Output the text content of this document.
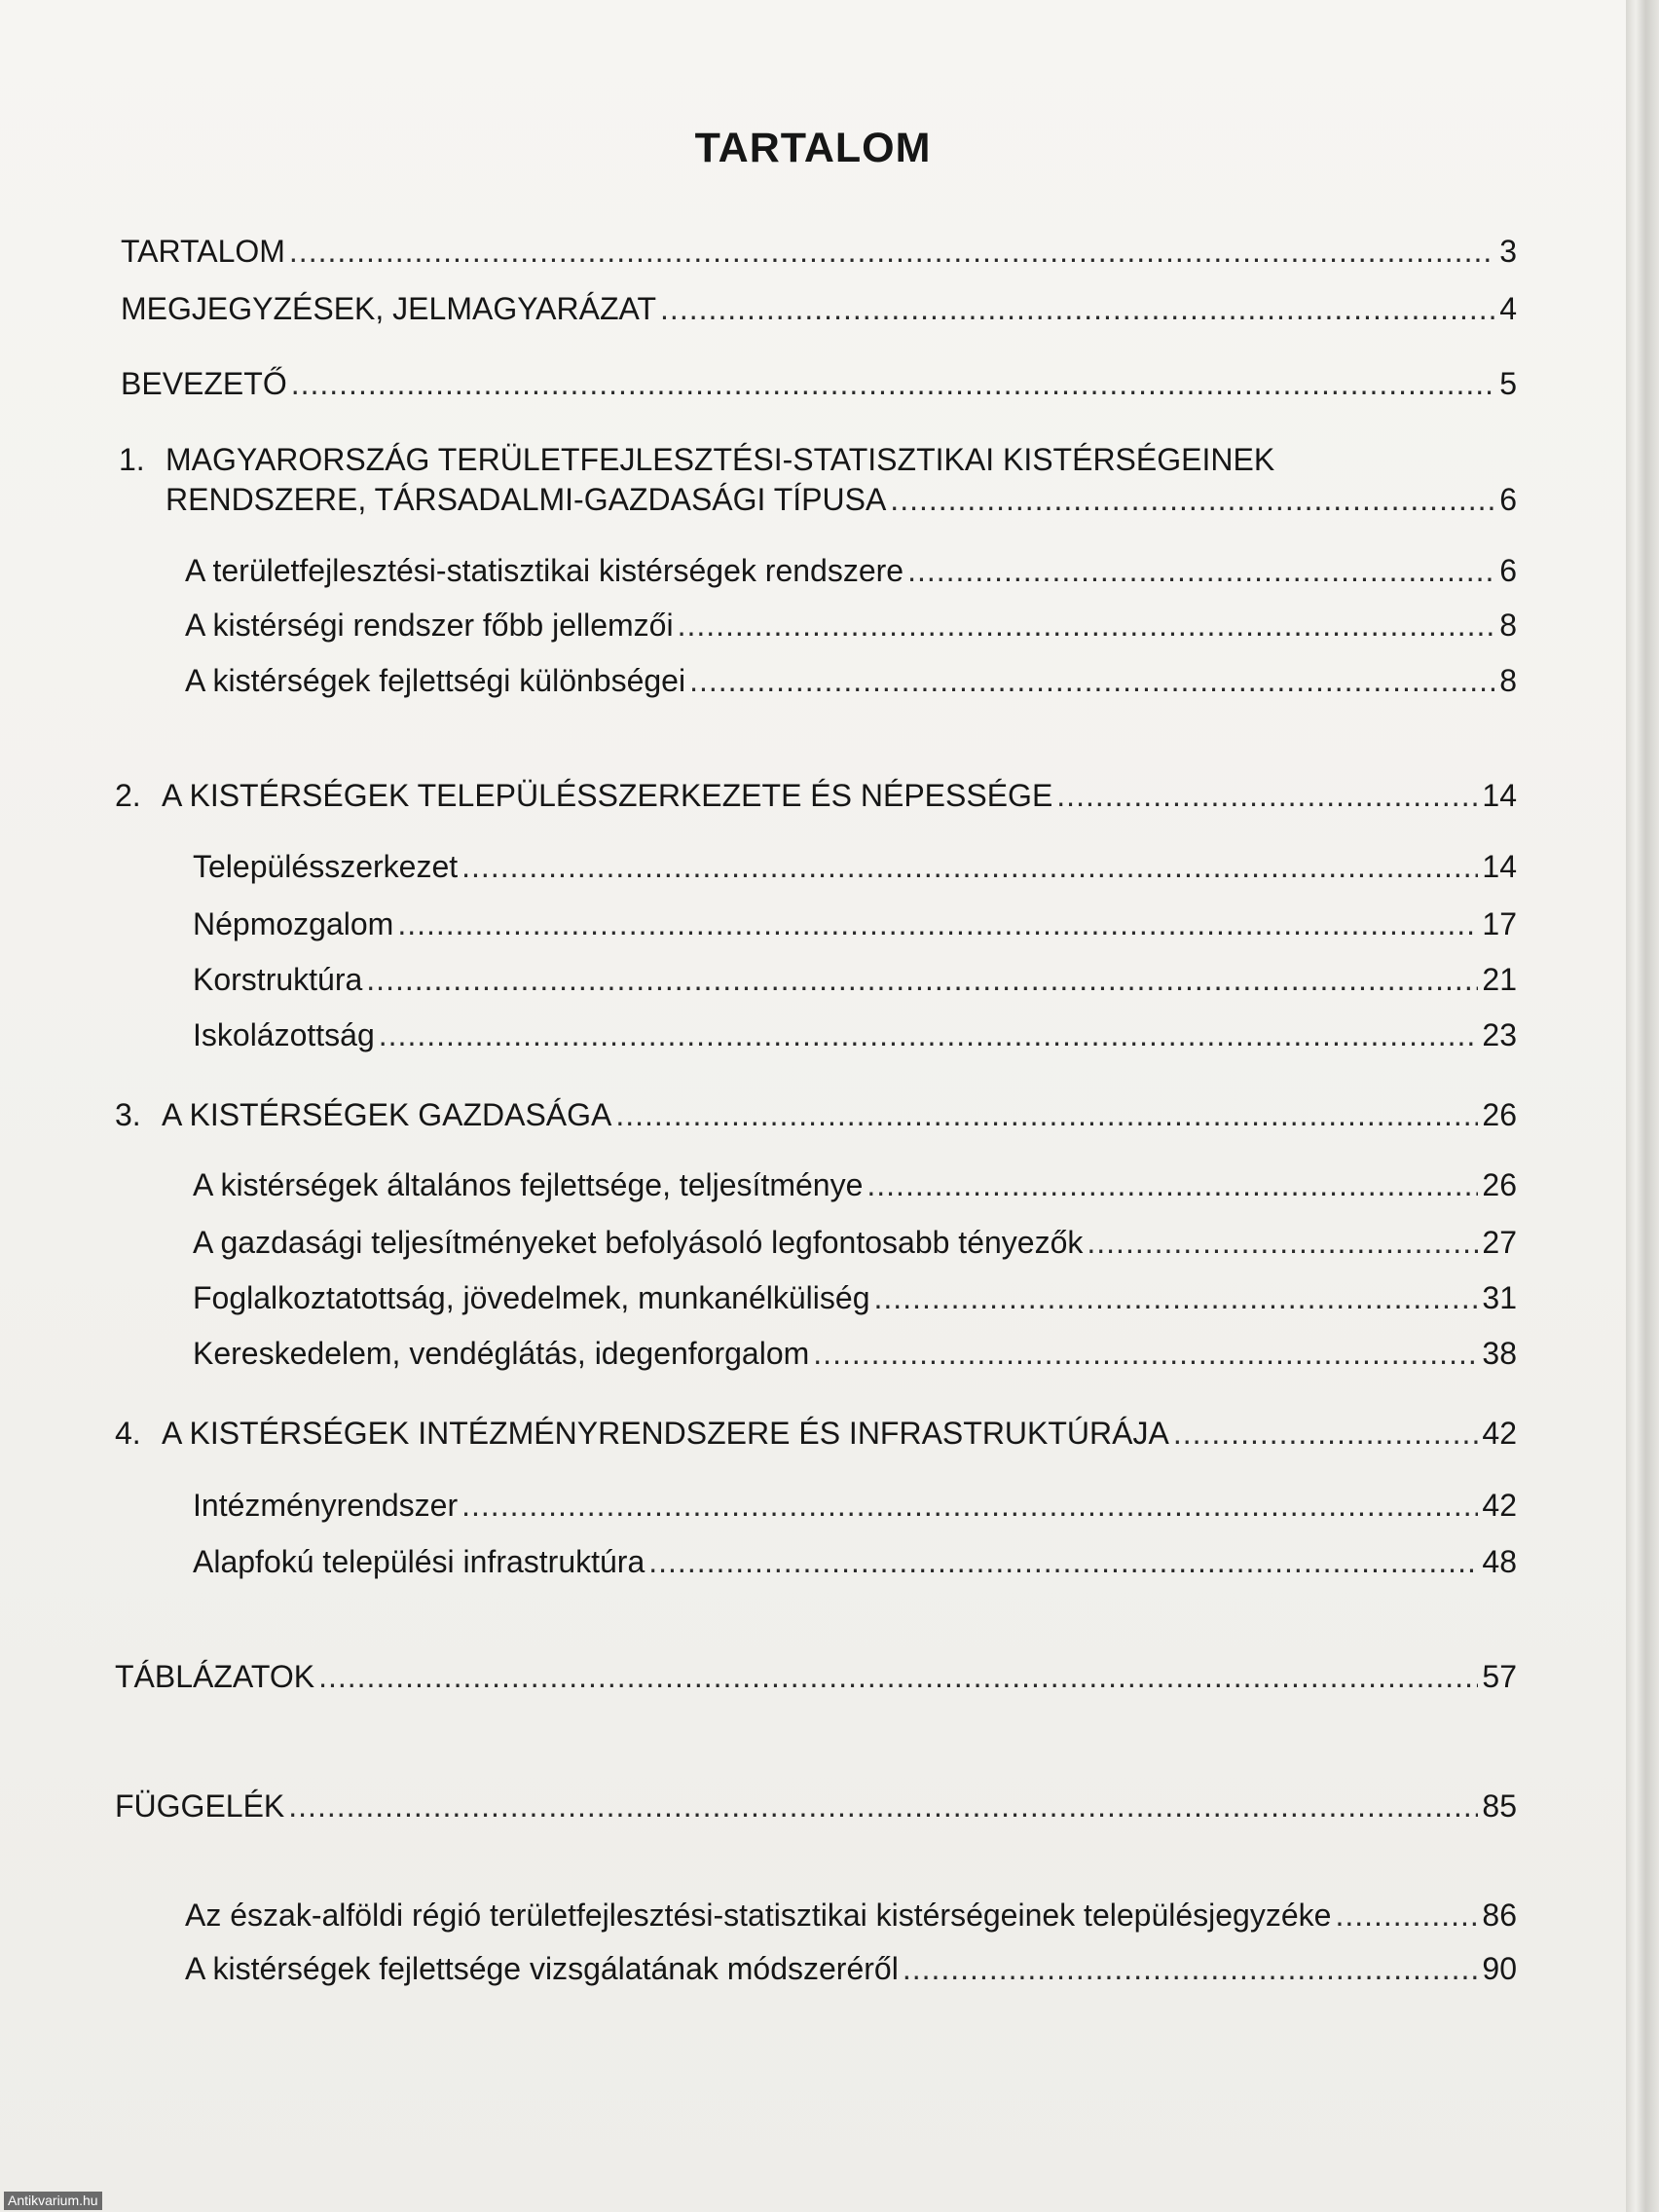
TARTALOM
TARTALOM .....	3
MEGJEGYZÉSEK, JELMAGYARÁZAT .....	4
BEVEZETŐ .....	5
1. MAGYARORSZÁG TERÜLETFEJLESZTÉSI-STATISZTIKAI KISTÉRSÉGEINEK
RENDSZERE, TÁRSADALMI-GAZDASÁGI TÍPUSA .....	6
A területfejlesztési-statisztikai kistérségek rendszere .....	6
A kistérségi rendszer főbb jellemzői .....	8
A kistérségek fejlettségi különbségei .....	8
2. A KISTÉRSÉGEK TELEPÜLÉSSZERKEZETE ÉS NÉPESSÉGE .....	14
Településszerkezet .....	14
Népmozgalom .....	17
Korstruktúra .....	21
Iskolázottság .....	23
3. A KISTÉRSÉGEK GAZDASÁGA .....	26
A kistérségek általános fejlettsége, teljesítménye .....	26
A gazdasági teljesítményeket befolyásoló legfontosabb tényezők .....	27
Foglalkoztatottság, jövedelmek, munkanélküliség .....	31
Kereskedelem, vendéglátás, idegenforgalom .....	38
4. A KISTÉRSÉGEK INTÉZMÉNYRENDSZERE ÉS INFRASTRUKTÚRÁJA .....	42
Intézményrendszer .....	42
Alapfokú települési infrastruktúra .....	48
TÁBLÁZATOK .....	57
FÜGGELÉK .....	85
Az észak-alföldi régió területfejlesztési-statisztikai kistérségeinek településjegyzéke .....	86
A kistérségek fejlettsége vizsgálatának módszeréről .....	90
Antikvarium.hu
